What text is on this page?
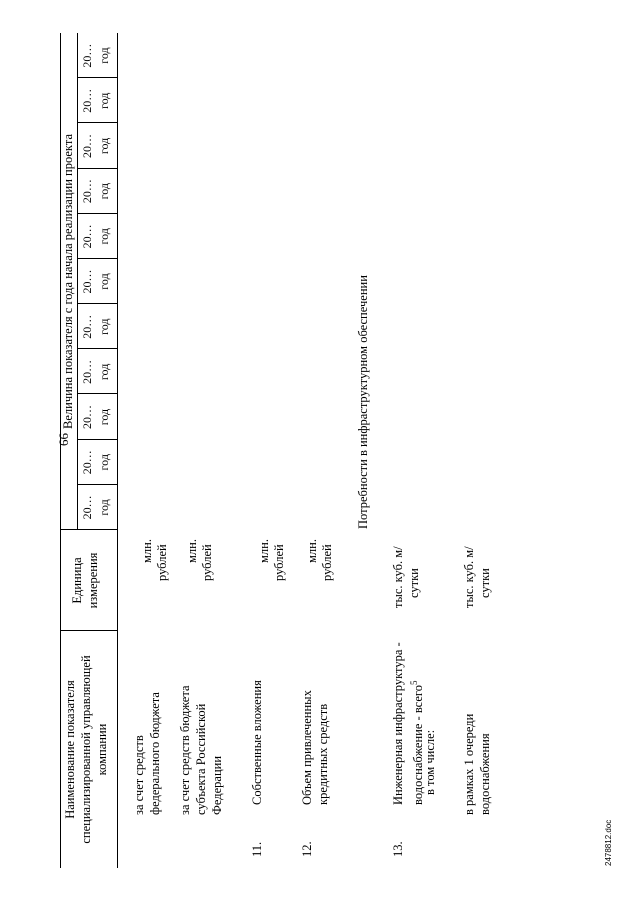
66
2478812.doc
Наименование показателя специализированной управляющей компании
Единица измерения
Величина показателя с года начала реализации проекта
20… год
20… год
20… год
20… год
20… год
20… год
20… год
20… год
20… год
20… год
20… год
за счет средств федерального бюджета
млн. рублей
за счет средств бюджета субъекта Российской Федерации
млн. рублей
11.
Собственные вложения
млн. рублей
12.
Объем привлеченных кредитных средств
млн. рублей
Потребности в инфраструктурном обеспечении
13.
Инженерная инфраструктура - водоснабжение - всего$^5$
в том числе:
тыс. куб. м/ сутки
в рамках 1 очереди водоснабжения
тыс. куб. м/ сутки
